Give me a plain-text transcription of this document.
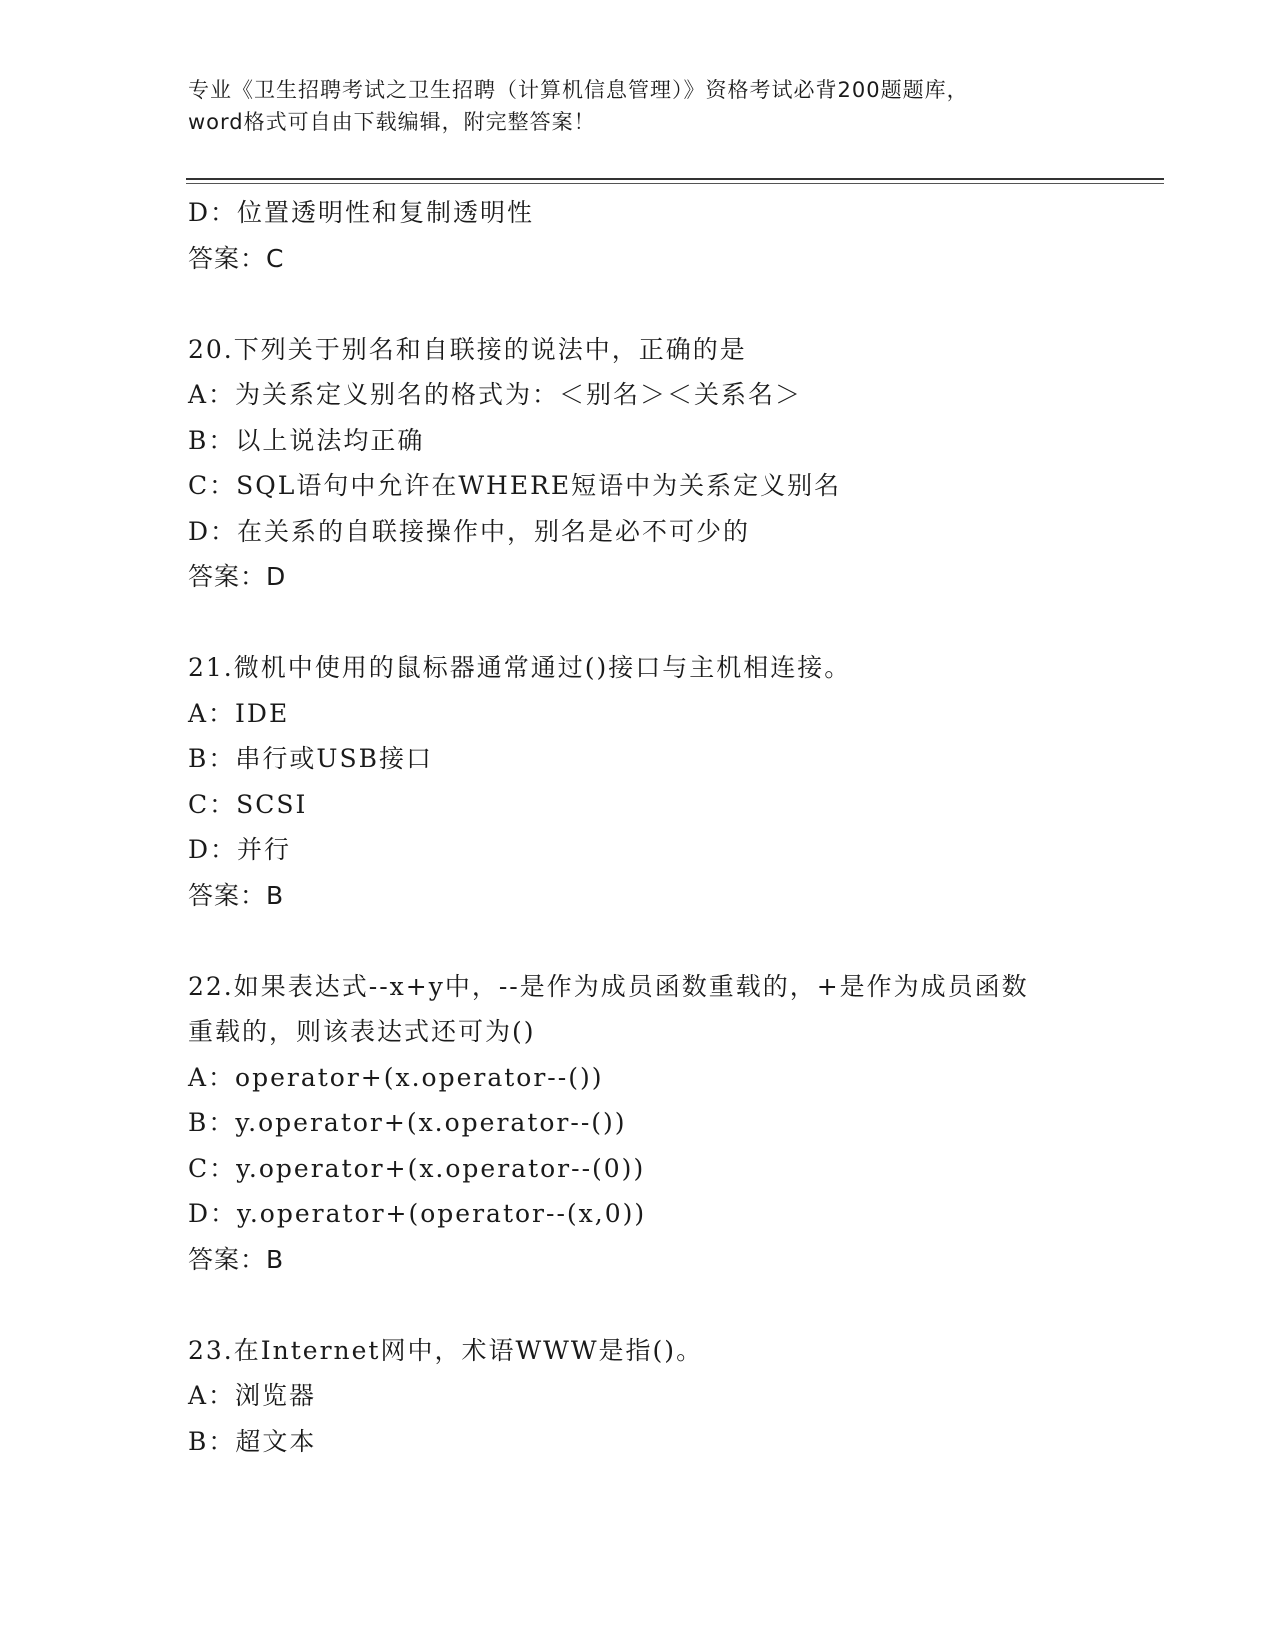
专业《卫生招聘考试之卫生招聘（计算机信息管理）》资格考试必背200题题库，
word格式可自由下载编辑，附完整答案！
D：位置透明性和复制透明性
答案：C
20.下列关于别名和自联接的说法中，正确的是
A：为关系定义别名的格式为：＜别名＞＜关系名＞
B：以上说法均正确
C：SQL语句中允许在WHERE短语中为关系定义别名
D：在关系的自联接操作中，别名是必不可少的
答案：D
21.微机中使用的鼠标器通常通过()接口与主机相连接。
A：IDE
B：串行或USB接口
C：SCSI
D：并行
答案：B
22.如果表达式--x+y中，--是作为成员函数重载的，+是作为成员函数
重载的，则该表达式还可为()
A：operator+(x.operator--())
B：y.operator+(x.operator--())
C：y.operator+(x.operator--(0))
D：y.operator+(operator--(x,0))
答案：B
23.在Internet网中，术语WWW是指()。
A：浏览器
B：超文本
